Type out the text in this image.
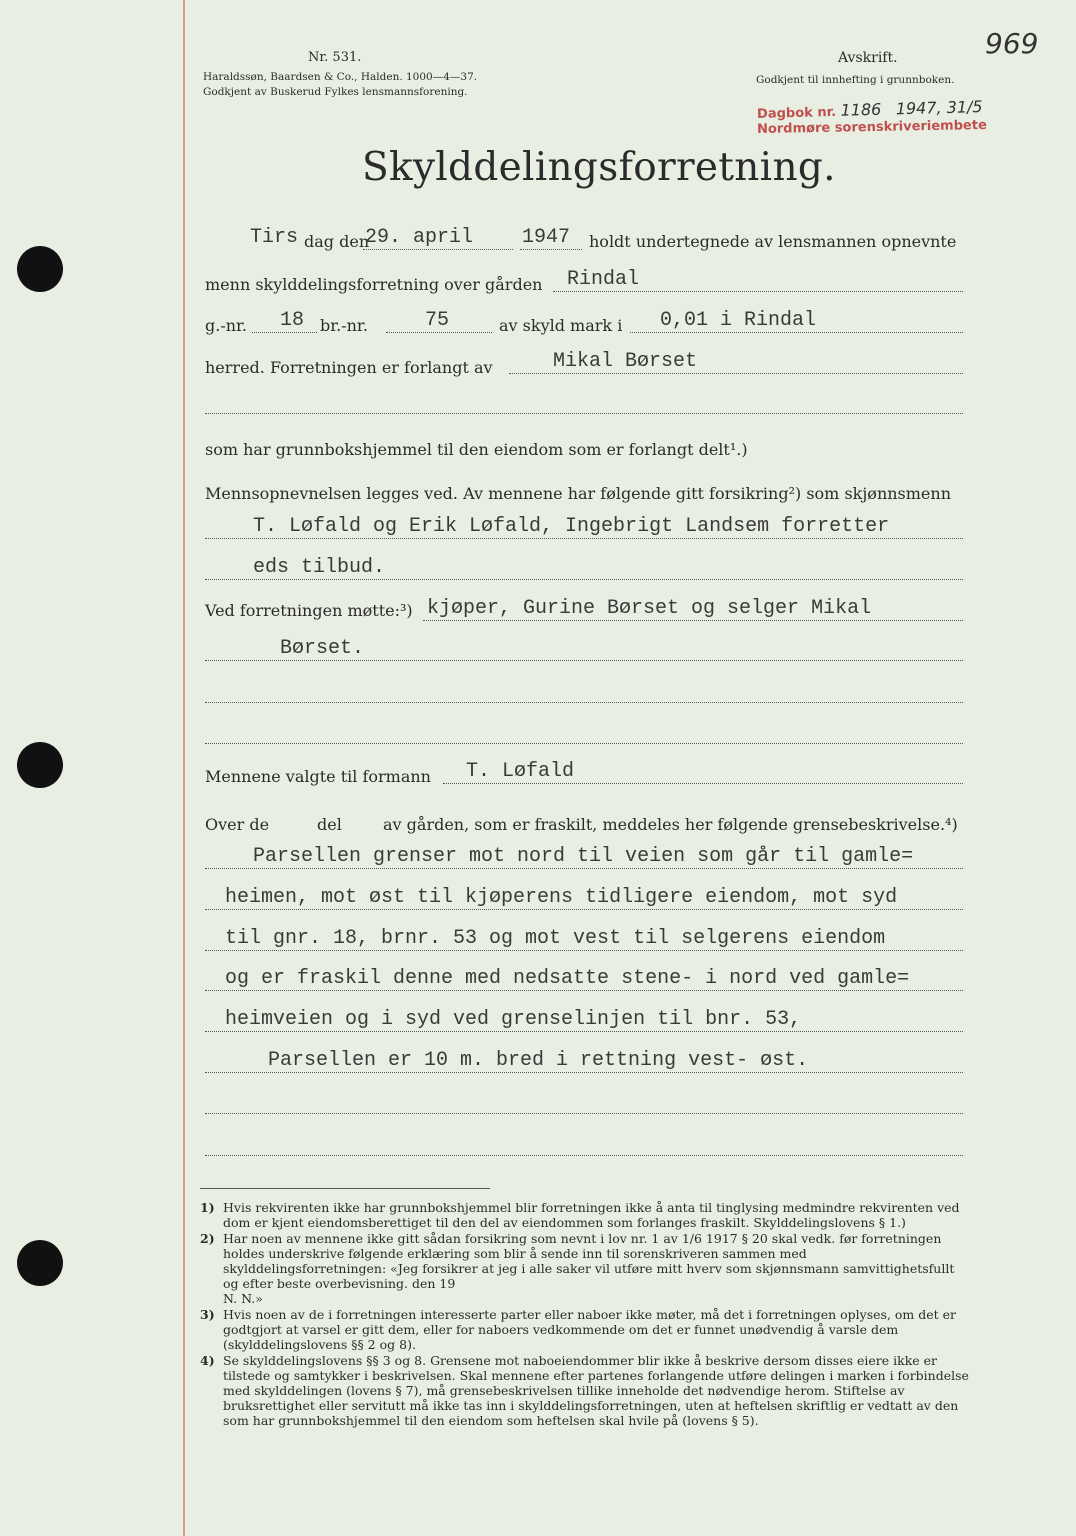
Nr. 531.
Haraldssøn, Baardsen & Co., Halden. 1000—4—37.
Godkjent av Buskerud Fylkes lensmannsforening.
Avskrift.
Godkjent til innhefting i grunnboken.
969
Dagbok nr. 1186 1947, 31/5
Nordmøre sorenskriveriembete
Skylddelingsforretning.
Tirs dag den
29. april 1947 holdt undertegnede av lensmannen opnevnte
menn skylddelingsforretning over gården Rindal
g.-nr. 18 br.-nr.	75	av skyld mark i 0,01 i Rindal
herred. Forretningen er forlangt av	Mikal Børset
som har grunnbokshjemmel til den eiendom som er forlangt delt¹.)
Mennsopnevnelsen legges ved. Av mennene har følgende gitt forsikring²) som skjønnsmenn
T. Løfald og Erik Løfald, Ingebrigt Landsem forretter
eds tilbud.
Ved forretningen møtte:³) kjøper, Gurine Børset og selger Mikal
Børset.
Mennene valgte til formann T. Løfald
Over de	del	av gården, som er fraskilt, meddeles her følgende grensebeskrivelse.⁴)
Parsellen grenser mot nord til veien som går til gamle=
heimen, mot øst til kjøperens tidligere eiendom, mot syd
til gnr. 18, brnr. 53 og mot vest til selgerens eiendom
og er fraskil denne med nedsatte stene- i nord ved gamle=
heimveien og i syd ved grenselinjen til bnr. 53,
Parsellen er 10 m. bred i rettning vest- øst.
1) Hvis rekvirenten ikke har grunnbokshjemmel blir forretningen ikke å anta til tinglysing medmindre rekvirenten ved dom er kjent eiendomsberettiget til den del av eiendommen som forlanges fraskilt. Skylddelingslovens § 1.)
2) Har noen av mennene ikke gitt sådan forsikring som nevnt i lov nr. 1 av 1/6 1917 § 20 skal vedk. før forretningen holdes underskrive følgende erklæring som blir å sende inn til sorenskriveren sammen med skylddelingsforretningen: «Jeg forsikrer at jeg i alle saker vil utføre mitt hverv som skjønnsmann samvittighetsfullt og efter beste overbevisning. den 19
N. N.»
3) Hvis noen av de i forretningen interesserte parter eller naboer ikke møter, må det i forretningen oplyses, om det er godtgjort at varsel er gitt dem, eller for naboers vedkommende om det er funnet unødvendig å varsle dem (skylddelingslovens §§ 2 og 8).
4) Se skylddelingslovens §§ 3 og 8. Grensene mot naboeiendommer blir ikke å beskrive dersom disses eiere ikke er tilstede og samtykker i beskrivelsen. Skal mennene efter partenes forlangende utføre delingen i marken i forbindelse med skylddelingen (lovens § 7), må grensebeskrivelsen tillike inneholde det nødvendige herom. Stiftelse av bruksrettighet eller servitutt må ikke tas inn i skylddelingsforretningen, uten at heftelsen skriftlig er vedtatt av den som har grunnbokshjemmel til den eiendom som heftelsen skal hvile på (lovens § 5).
